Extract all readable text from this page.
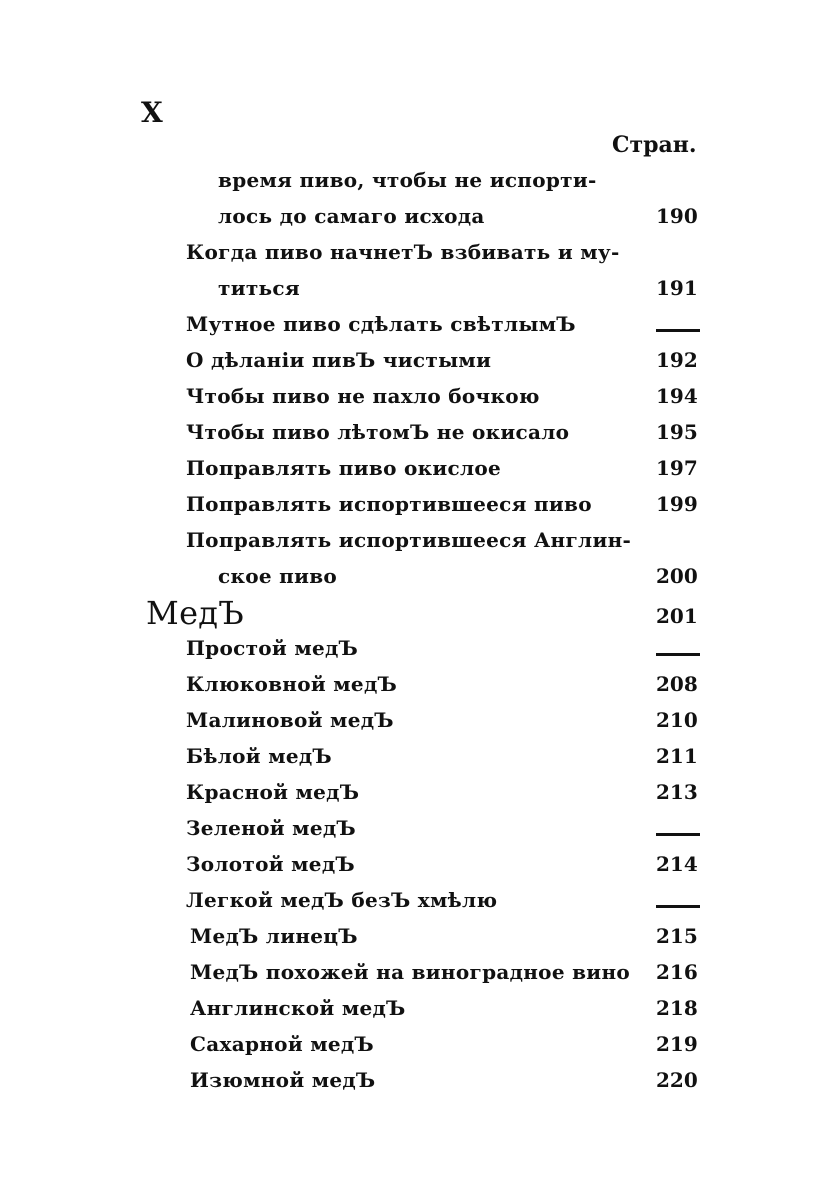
X
Стран.
время пиво, чтобы не испорти-
лось до самаго исхода	190
Когда пиво начнетЪ взбивать и му-
титься	191
Мутное пиво сдѣлать свѣтлымЪ
О дѣланіи пивЪ чистыми	192
Чтобы пиво не пахло бочкою	194
Чтобы пиво лѣтомЪ не окисало	195
Поправлять пиво окислое	197
Поправлять испортившееся пиво	199
Поправлять испортившееся Англин-
ское пиво	200
МедЪ	201
Простой медЪ
Клюковной медЪ	208
Малиновой медЪ	210
Бѣлой медЪ	211
Красной медЪ	213
Зеленой медЪ
Золотой медЪ	214
Легкой медЪ безЪ хмѣлю
МедЪ линецЪ	215
МедЪ похожей на виноградное вино 216
Англинской медЪ	218
Сахарной медЪ	219
Изюмной медЪ	220
